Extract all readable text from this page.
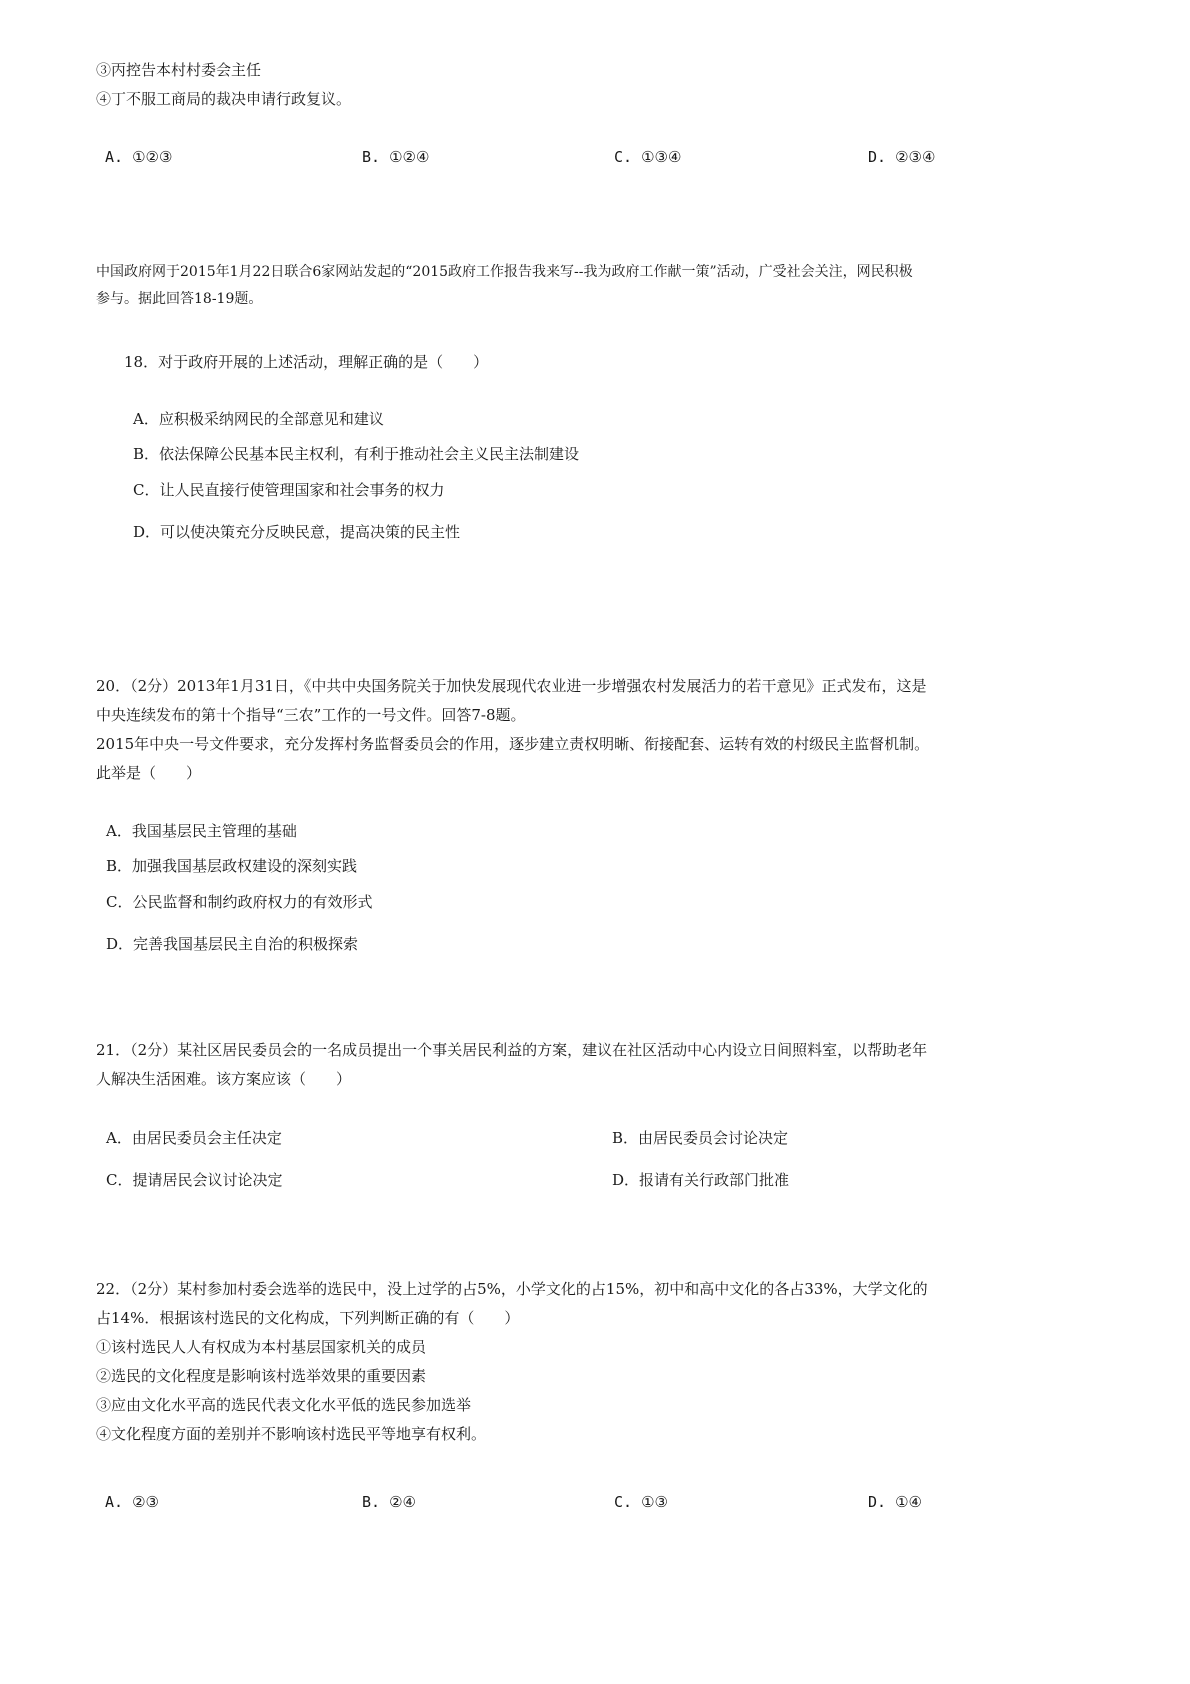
③丙控告本村村委会主任
④丁不服工商局的裁决申请行政复议。
A. ①②③	B. ①②④	C. ①③④	D. ②③④
中国政府网于2015年1月22日联合6家网站发起的“2015政府工作报告我来写--我为政府工作献一策”活动，广受社会关注，网民积极
参与。据此回答18-19题。
18．对于政府开展的上述活动，理解正确的是（　　）
A．应积极采纳网民的全部意见和建议
B．依法保障公民基本民主权利，有利于推动社会主义民主法制建设
C．让人民直接行使管理国家和社会事务的权力
D．可以使决策充分反映民意，提高决策的民主性
20．（2分）2013年1月31日，《中共中央国务院关于加快发展现代农业进一步增强农村发展活力的若干意见》正式发布，这是
中央连续发布的第十个指导“三农”工作的一号文件。回答7-8题。
2015年中央一号文件要求，充分发挥村务监督委员会的作用，逐步建立责权明晰、衔接配套、运转有效的村级民主监督机制。
此举是（　　）
A．我国基层民主管理的基础
B．加强我国基层政权建设的深刻实践
C．公民监督和制约政府权力的有效形式
D．完善我国基层民主自治的积极探索
21．（2分）某社区居民委员会的一名成员提出一个事关居民利益的方案，建议在社区活动中心内设立日间照料室，以帮助老年
人解决生活困难。该方案应该（　　）
A．由居民委员会主任决定	B．由居民委员会讨论决定
C．提请居民会议讨论决定	D．报请有关行政部门批准
22．（2分）某村参加村委会选举的选民中，没上过学的占5%，小学文化的占15%，初中和高中文化的各占33%，大学文化的
占14%．根据该村选民的文化构成，下列判断正确的有（　　）
①该村选民人人有权成为本村基层国家机关的成员
②选民的文化程度是影响该村选举效果的重要因素
③应由文化水平高的选民代表文化水平低的选民参加选举
④文化程度方面的差别并不影响该村选民平等地享有权利。
A. ②③	B. ②④	C. ①③	D. ①④
